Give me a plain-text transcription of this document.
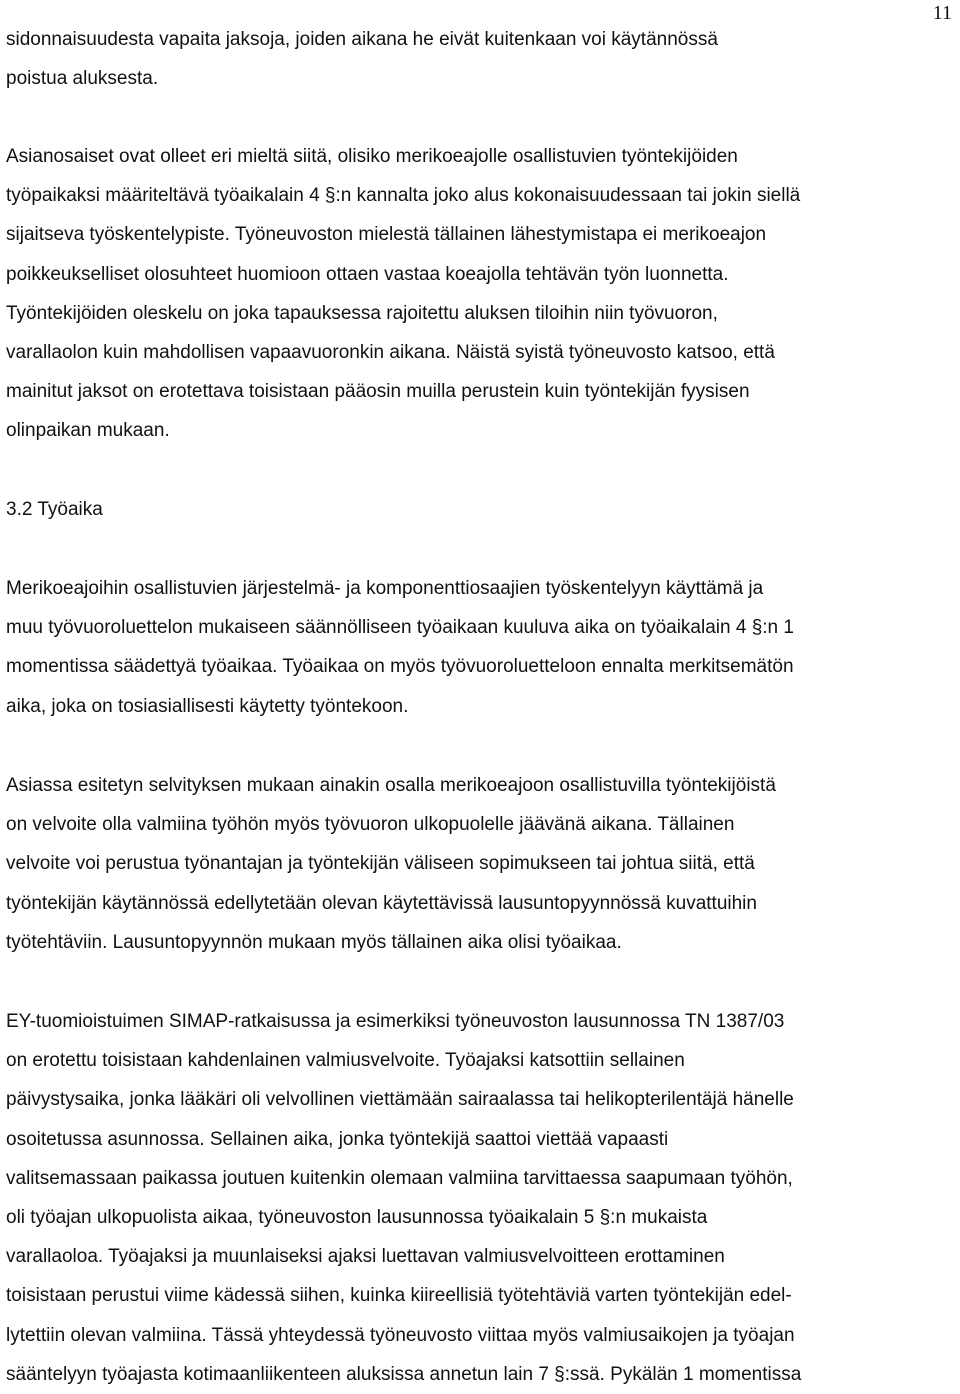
11

sidonnaisuudesta vapaita jaksoja, joiden aikana he eivät kuitenkaan voi käytännössä
poistua aluksesta.

Asianosaiset ovat olleet eri mieltä siitä, olisiko merikoeajolle osallistuvien työntekijöiden
työpaikaksi määriteltävä työaikalain 4 §:n kannalta joko alus kokonaisuudessaan tai jokin siellä
sijaitseva työskentelypiste. Työneuvoston mielestä tällainen lähestymistapa ei merikoeajon
poikkeukselliset olosuhteet huomioon ottaen vastaa koeajolla tehtävän työn luonnetta.
Työntekijöiden oleskelu on joka tapauksessa rajoitettu aluksen tiloihin niin työvuoron,
varallaolon kuin mahdollisen vapaavuoronkin aikana. Näistä syistä työneuvosto katsoo, että
mainitut jaksot on erotettava toisistaan pääosin muilla perustein kuin työntekijän fyysisen
olinpaikan mukaan.

3.2 Työaika

Merikoeajoihin osallistuvien järjestelmä- ja komponenttiosaajien työskentelyyn käyttämä ja
muu työvuoroluettelon mukaiseen säännölliseen työaikaan kuuluva aika on työaikalain 4 §:n 1
momentissa säädettyä työaikaa. Työaikaa on myös työvuoroluetteloon ennalta merkitsemätön
aika, joka on tosiasiallisesti käytetty työntekoon.

Asiassa esitetyn selvityksen mukaan ainakin osalla merikoeajoon osallistuvilla työntekijöistä
on velvoite olla valmiina työhön myös työvuoron ulkopuolelle jäävänä aikana. Tällainen
velvoite voi perustua työnantajan ja työntekijän väliseen sopimukseen tai johtua siitä, että
työntekijän käytännössä edellytetään olevan käytettävissä lausuntopyynnössä kuvattuihin
työtehtäviin. Lausuntopyynnön mukaan myös tällainen aika olisi työaikaa.

EY-tuomioistuimen SIMAP-ratkaisussa ja esimerkiksi työneuvoston lausunnossa TN 1387/03
on erotettu toisistaan kahdenlainen valmiusvelvoite. Työajaksi katsottiin sellainen
päivystysaika, jonka lääkäri oli velvollinen viettämään sairaalassa tai helikopterilentäjä hänelle
osoitetussa asunnossa. Sellainen aika, jonka työntekijä saattoi viettää vapaasti
valitsemassaan paikassa joutuen kuitenkin olemaan valmiina tarvittaessa saapumaan työhön,
oli työajan ulkopuolista aikaa, työneuvoston lausunnossa työaikalain 5 §:n mukaista
varallaoloa. Työajaksi ja muunlaiseksi ajaksi luettavan valmiusvelvoitteen erottaminen
toisistaan perustui viime kädessä siihen, kuinka kiireellisiä työtehtäviä varten työntekijän edel-
lytettiin olevan valmiina. Tässä yhteydessä työneuvosto viittaa myös valmiusaikojen ja työajan
sääntelyyn työajasta kotimaanliikenteen aluksissa annetun lain 7 §:ssä. Pykälän 1 momentissa
